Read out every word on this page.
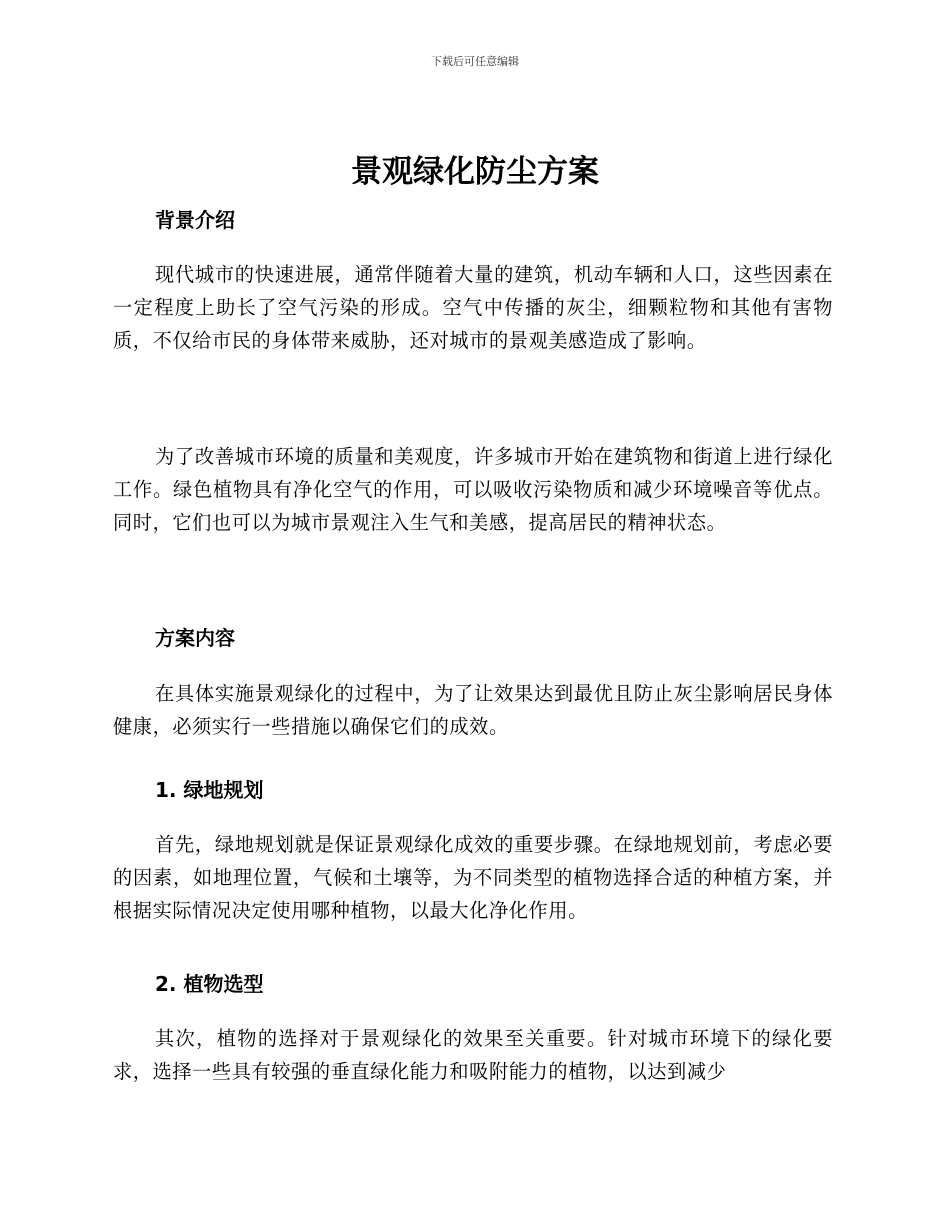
下载后可任意编辑
景观绿化防尘方案
背景介绍

现代城市的快速进展，通常伴随着大量的建筑，机动车辆和人口，这些因素在一定程度上助长了空气污染的形成。空气中传播的灰尘，细颗粒物和其他有害物质，不仅给市民的身体带来威胁，还对城市的景观美感造成了影响。

为了改善城市环境的质量和美观度，许多城市开始在建筑物和街道上进行绿化工作。绿色植物具有净化空气的作用，可以吸收污染物质和减少环境噪音等优点。同时，它们也可以为城市景观注入生气和美感，提高居民的精神状态。

方案内容

在具体实施景观绿化的过程中，为了让效果达到最优且防止灰尘影响居民身体健康，必须实行一些措施以确保它们的成效。

1. 绿地规划

首先，绿地规划就是保证景观绿化成效的重要步骤。在绿地规划前，考虑必要的因素，如地理位置，气候和土壤等，为不同类型的植物选择合适的种植方案，并根据实际情况决定使用哪种植物，以最大化净化作用。

2. 植物选型

其次，植物的选择对于景观绿化的效果至关重要。针对城市环境下的绿化要求，选择一些具有较强的垂直绿化能力和吸附能力的植物，以达到减少
